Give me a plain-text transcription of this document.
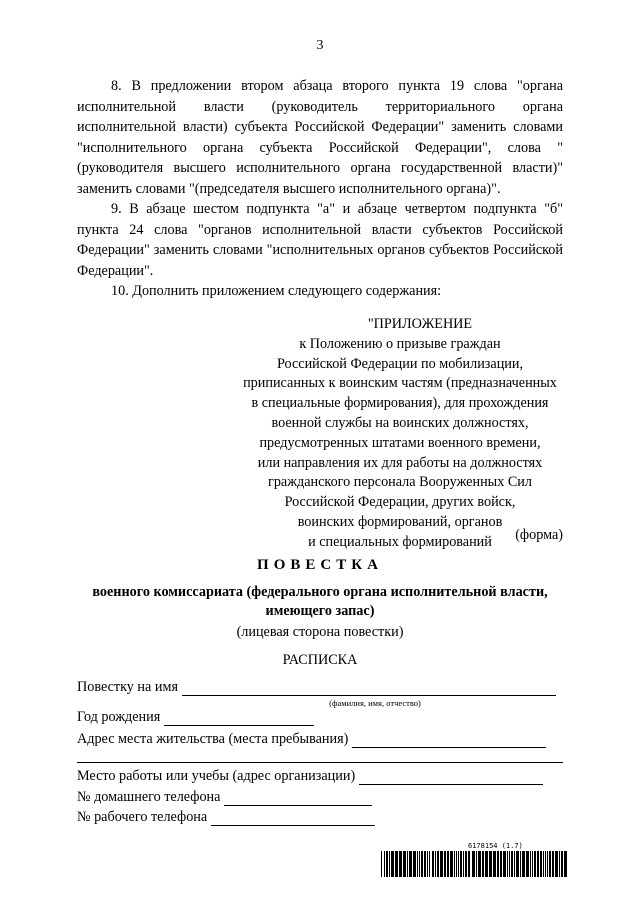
3

8. В предложении втором абзаца второго пункта 19 слова "органа исполнительной власти (руководитель территориального органа исполнительной власти) субъекта Российской Федерации" заменить словами "исполнительного органа субъекта Российской Федерации", слова "(руководителя высшего исполнительного органа государственной власти)" заменить словами "(председателя высшего исполнительного органа)".

9. В абзаце шестом подпункта "а" и абзаце четвертом подпункта "б" пункта 24 слова "органов исполнительной власти субъектов Российской Федерации" заменить словами "исполнительных органов субъектов Российской Федерации".

10. Дополнить приложением следующего содержания:

"ПРИЛОЖЕНИЕ
к Положению о призыве граждан
Российской Федерации по мобилизации,
приписанных к воинским частям (предназначенных
в специальные формирования), для прохождения
военной службы на воинских должностях,
предусмотренных штатами военного времени,
или направления их для работы на должностях
гражданского персонала Вооруженных Сил
Российской Федерации, других войск,
воинских формирований, органов
и специальных формирований	(форма)
ПОВЕСТКА
военного комиссариата (федерального органа исполнительной власти,
имеющего запас)
(лицевая сторона повестки)
РАСПИСКА
Повестку на имя
(фамилия, имя, отчество)
Год рождения
Адрес места жительства (места пребывания)
Место работы или учебы (адрес организации)
№ домашнего телефона
№ рабочего телефона
6178154 (1.7)
